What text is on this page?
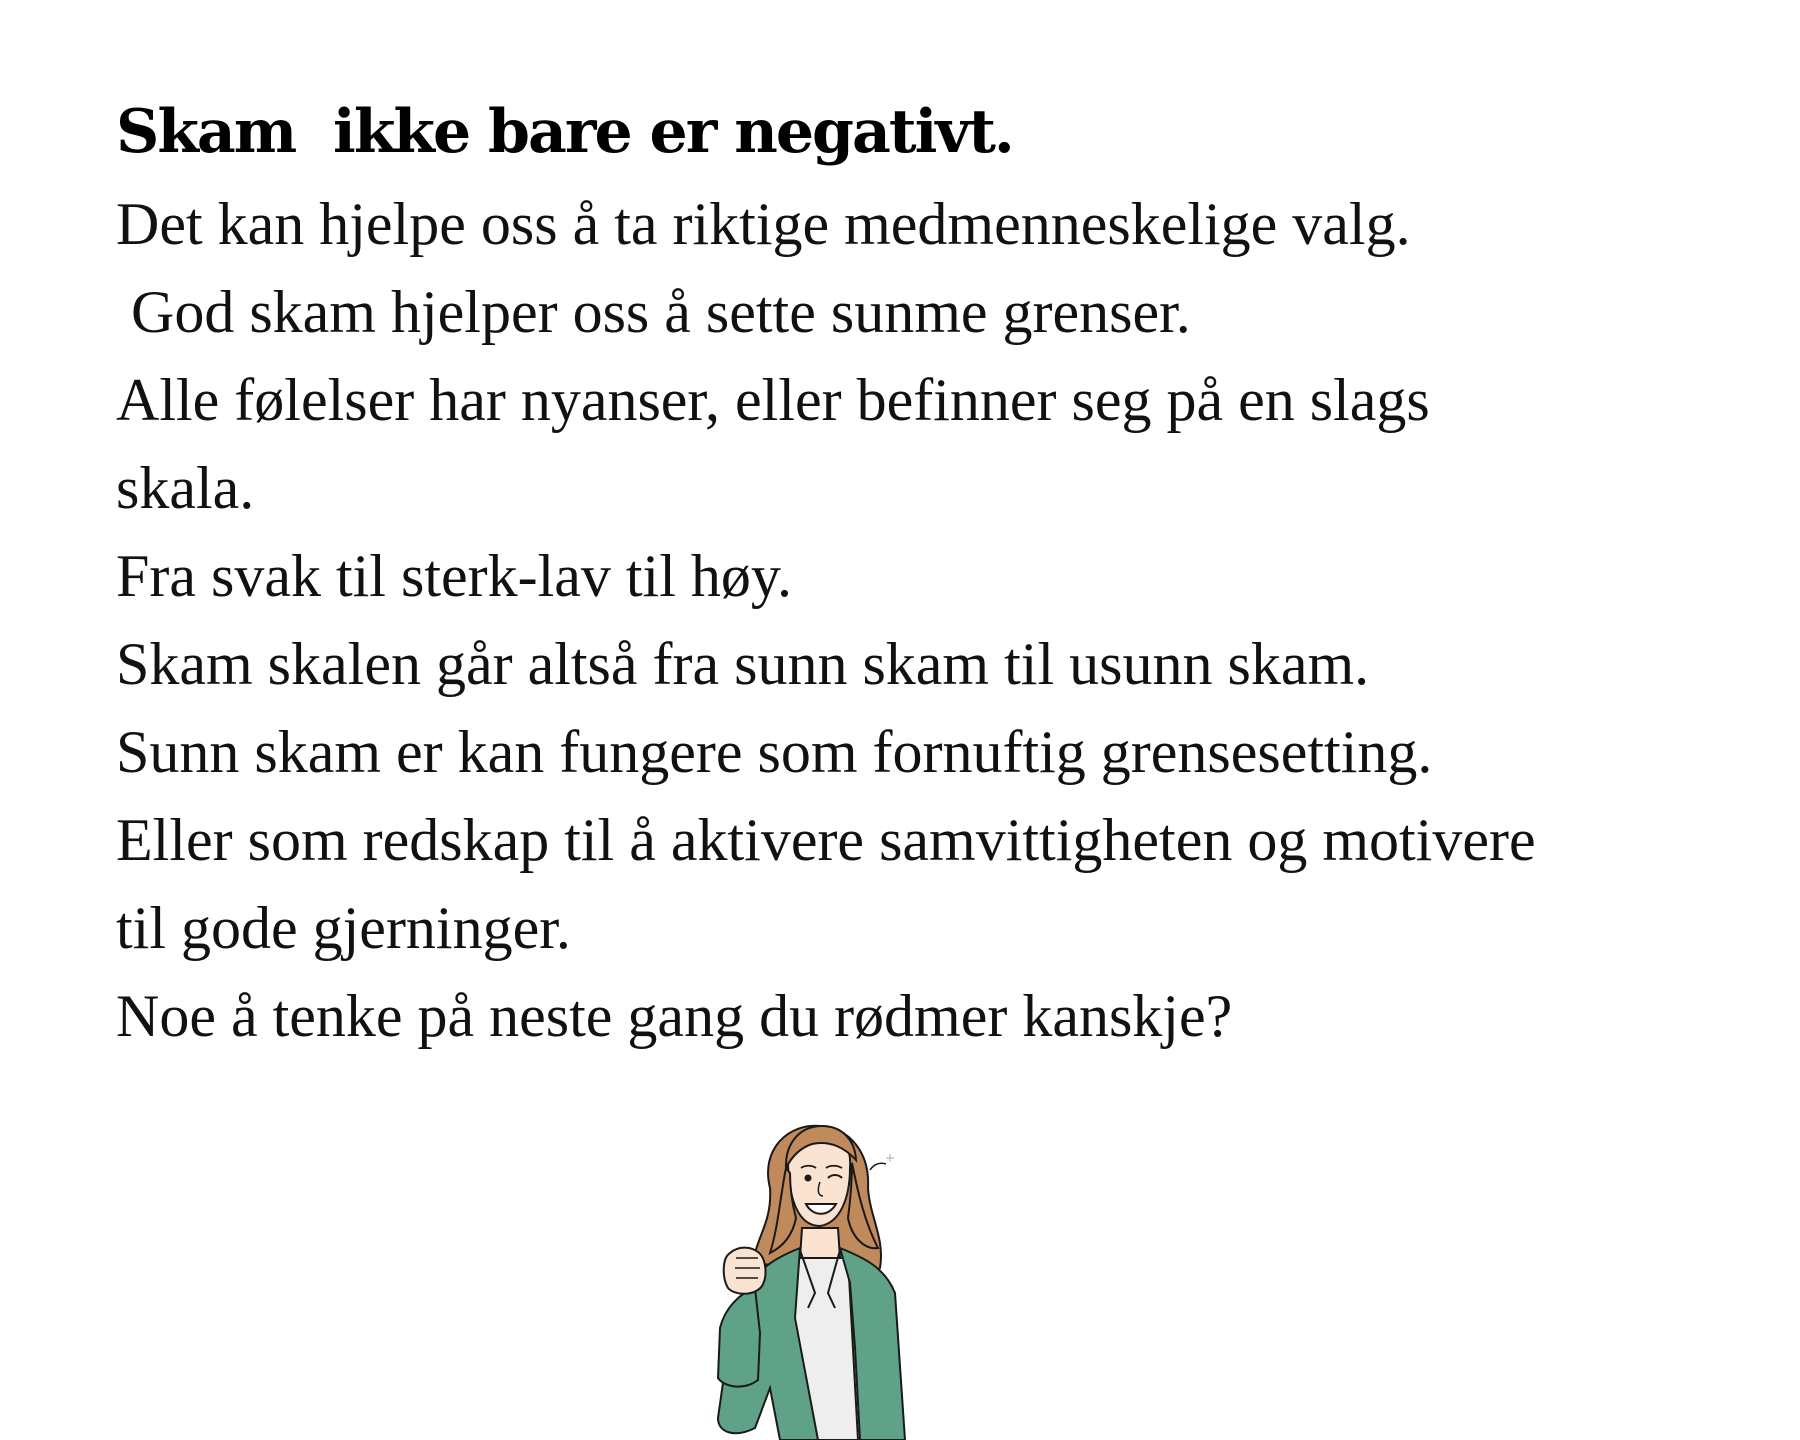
Skam  ikke bare er negativt.
Det kan hjelpe oss å ta riktige medmenneskelige valg.
God skam hjelper oss å sette sunme grenser.
Alle følelser har nyanser, eller befinner seg på en slags
skala.
Fra svak til sterk-lav til høy.
Skam skalen går altså fra sunn skam til usunn skam.
Sunn skam er kan fungere som fornuftig grensesetting.
Eller som redskap til å aktivere samvittigheten og motivere
til gode gjerninger.
Noe å tenke på neste gang du rødmer kanskje?
